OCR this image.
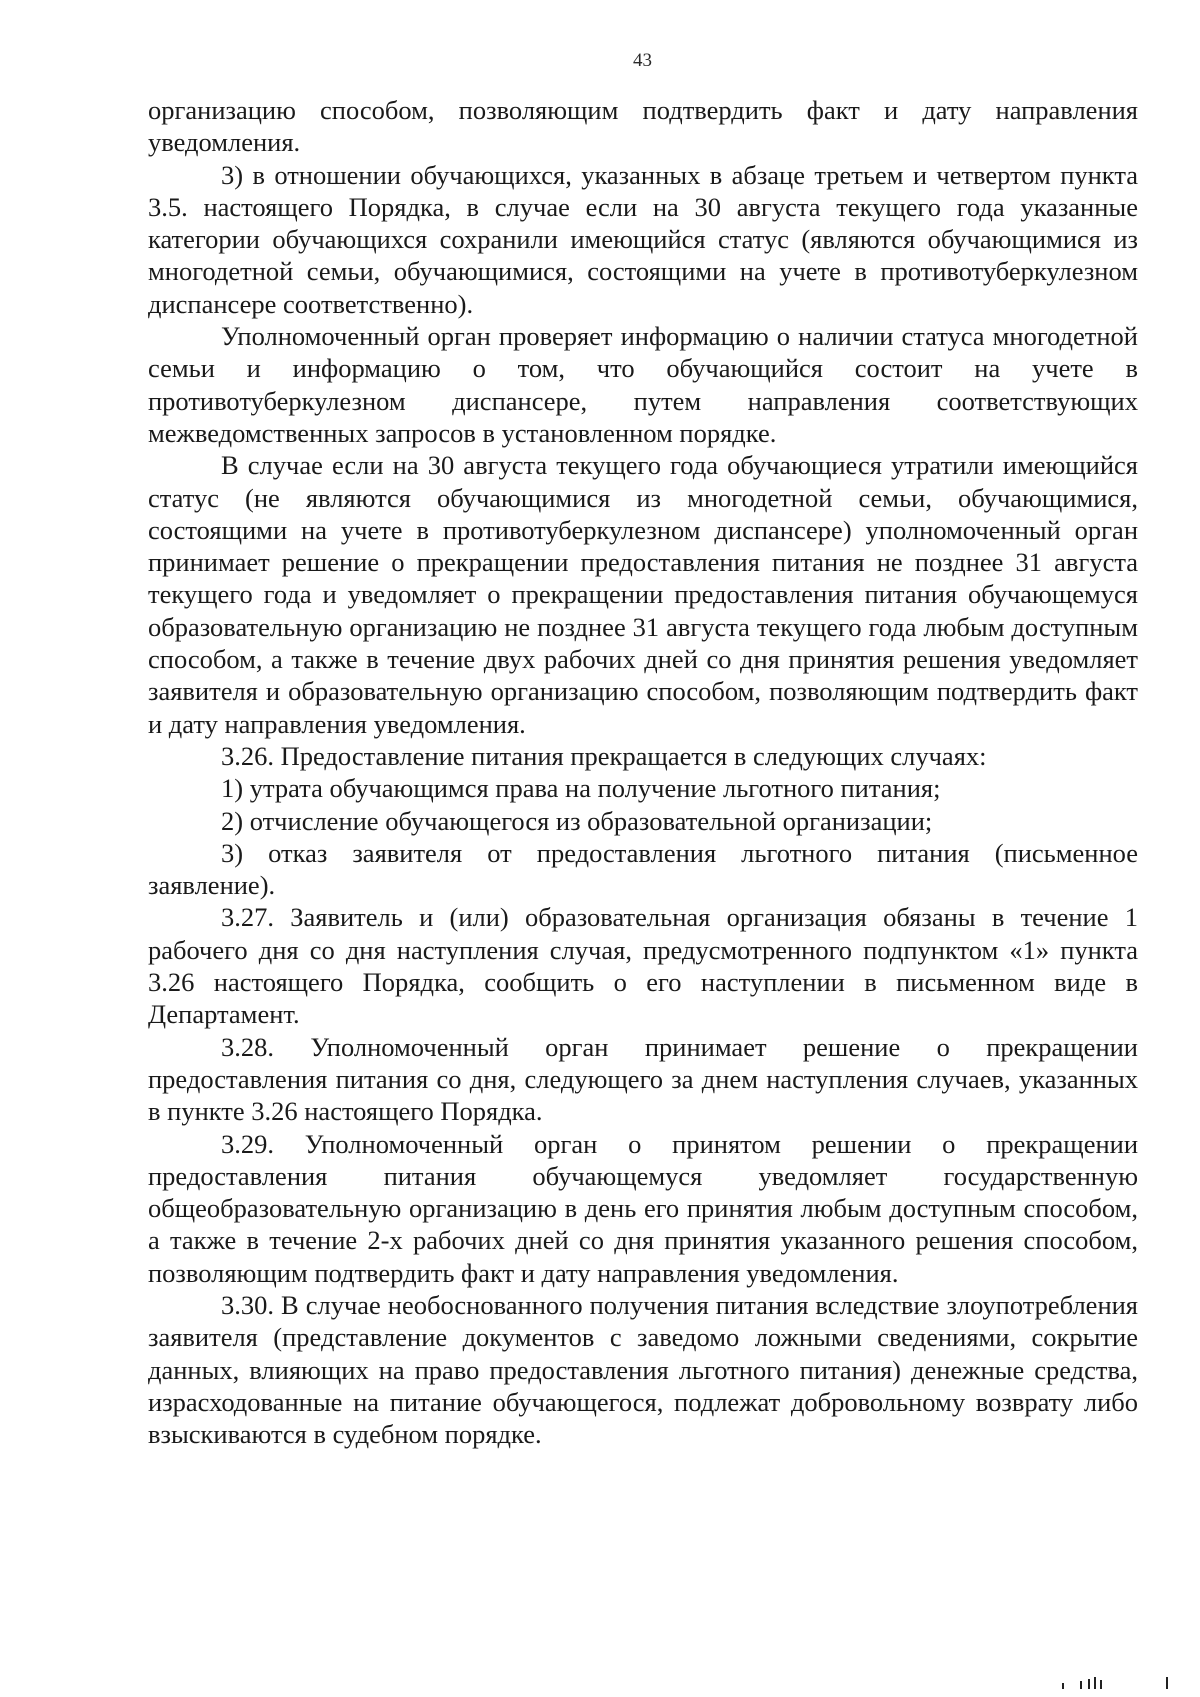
43

организацию способом, позволяющим подтвердить факт и дату направления уведомления.

3) в отношении обучающихся, указанных в абзаце третьем и четвертом пункта 3.5. настоящего Порядка, в случае если на 30 августа текущего года указанные категории обучающихся сохранили имеющийся статус (являются обучающимися из многодетной семьи, обучающимися, состоящими на учете в противотуберкулезном диспансере соответственно).

Уполномоченный орган проверяет информацию о наличии статуса многодетной семьи и информацию о том, что обучающийся состоит на учете в противотуберкулезном диспансере, путем направления соответствующих межведомственных запросов в установленном порядке.

В случае если на 30 августа текущего года обучающиеся утратили имеющийся статус (не являются обучающимися из многодетной семьи, обучающимися, состоящими на учете в противотуберкулезном диспансере) уполномоченный орган принимает решение о прекращении предоставления питания не позднее 31 августа текущего года и уведомляет о прекращении предоставления питания обучающемуся образовательную организацию не позднее 31 августа текущего года любым доступным способом, а также в течение двух рабочих дней со дня принятия решения уведомляет заявителя и образовательную организацию способом, позволяющим подтвердить факт и дату направления уведомления.

3.26. Предоставление питания прекращается в следующих случаях:

1) утрата обучающимся права на получение льготного питания;

2) отчисление обучающегося из образовательной организации;

3) отказ заявителя от предоставления льготного питания (письменное заявление).

3.27. Заявитель и (или) образовательная организация обязаны в течение 1 рабочего дня со дня наступления случая, предусмотренного подпунктом «1» пункта 3.26 настоящего Порядка, сообщить о его наступлении в письменном виде в Департамент.

3.28. Уполномоченный орган принимает решение о прекращении предоставления питания со дня, следующего за днем наступления случаев, указанных в пункте 3.26 настоящего Порядка.

3.29. Уполномоченный орган о принятом решении о прекращении предоставления питания обучающемуся уведомляет государственную общеобразовательную организацию в день его принятия любым доступным способом, а также в течение 2-х рабочих дней со дня принятия указанного решения способом, позволяющим подтвердить факт и дату направления уведомления.

3.30. В случае необоснованного получения питания вследствие злоупотребления заявителя (представление документов с заведомо ложными сведениями, сокрытие данных, влияющих на право предоставления льготного питания) денежные средства, израсходованные на питание обучающегося, подлежат добровольному возврату либо взыскиваются в судебном порядке.
